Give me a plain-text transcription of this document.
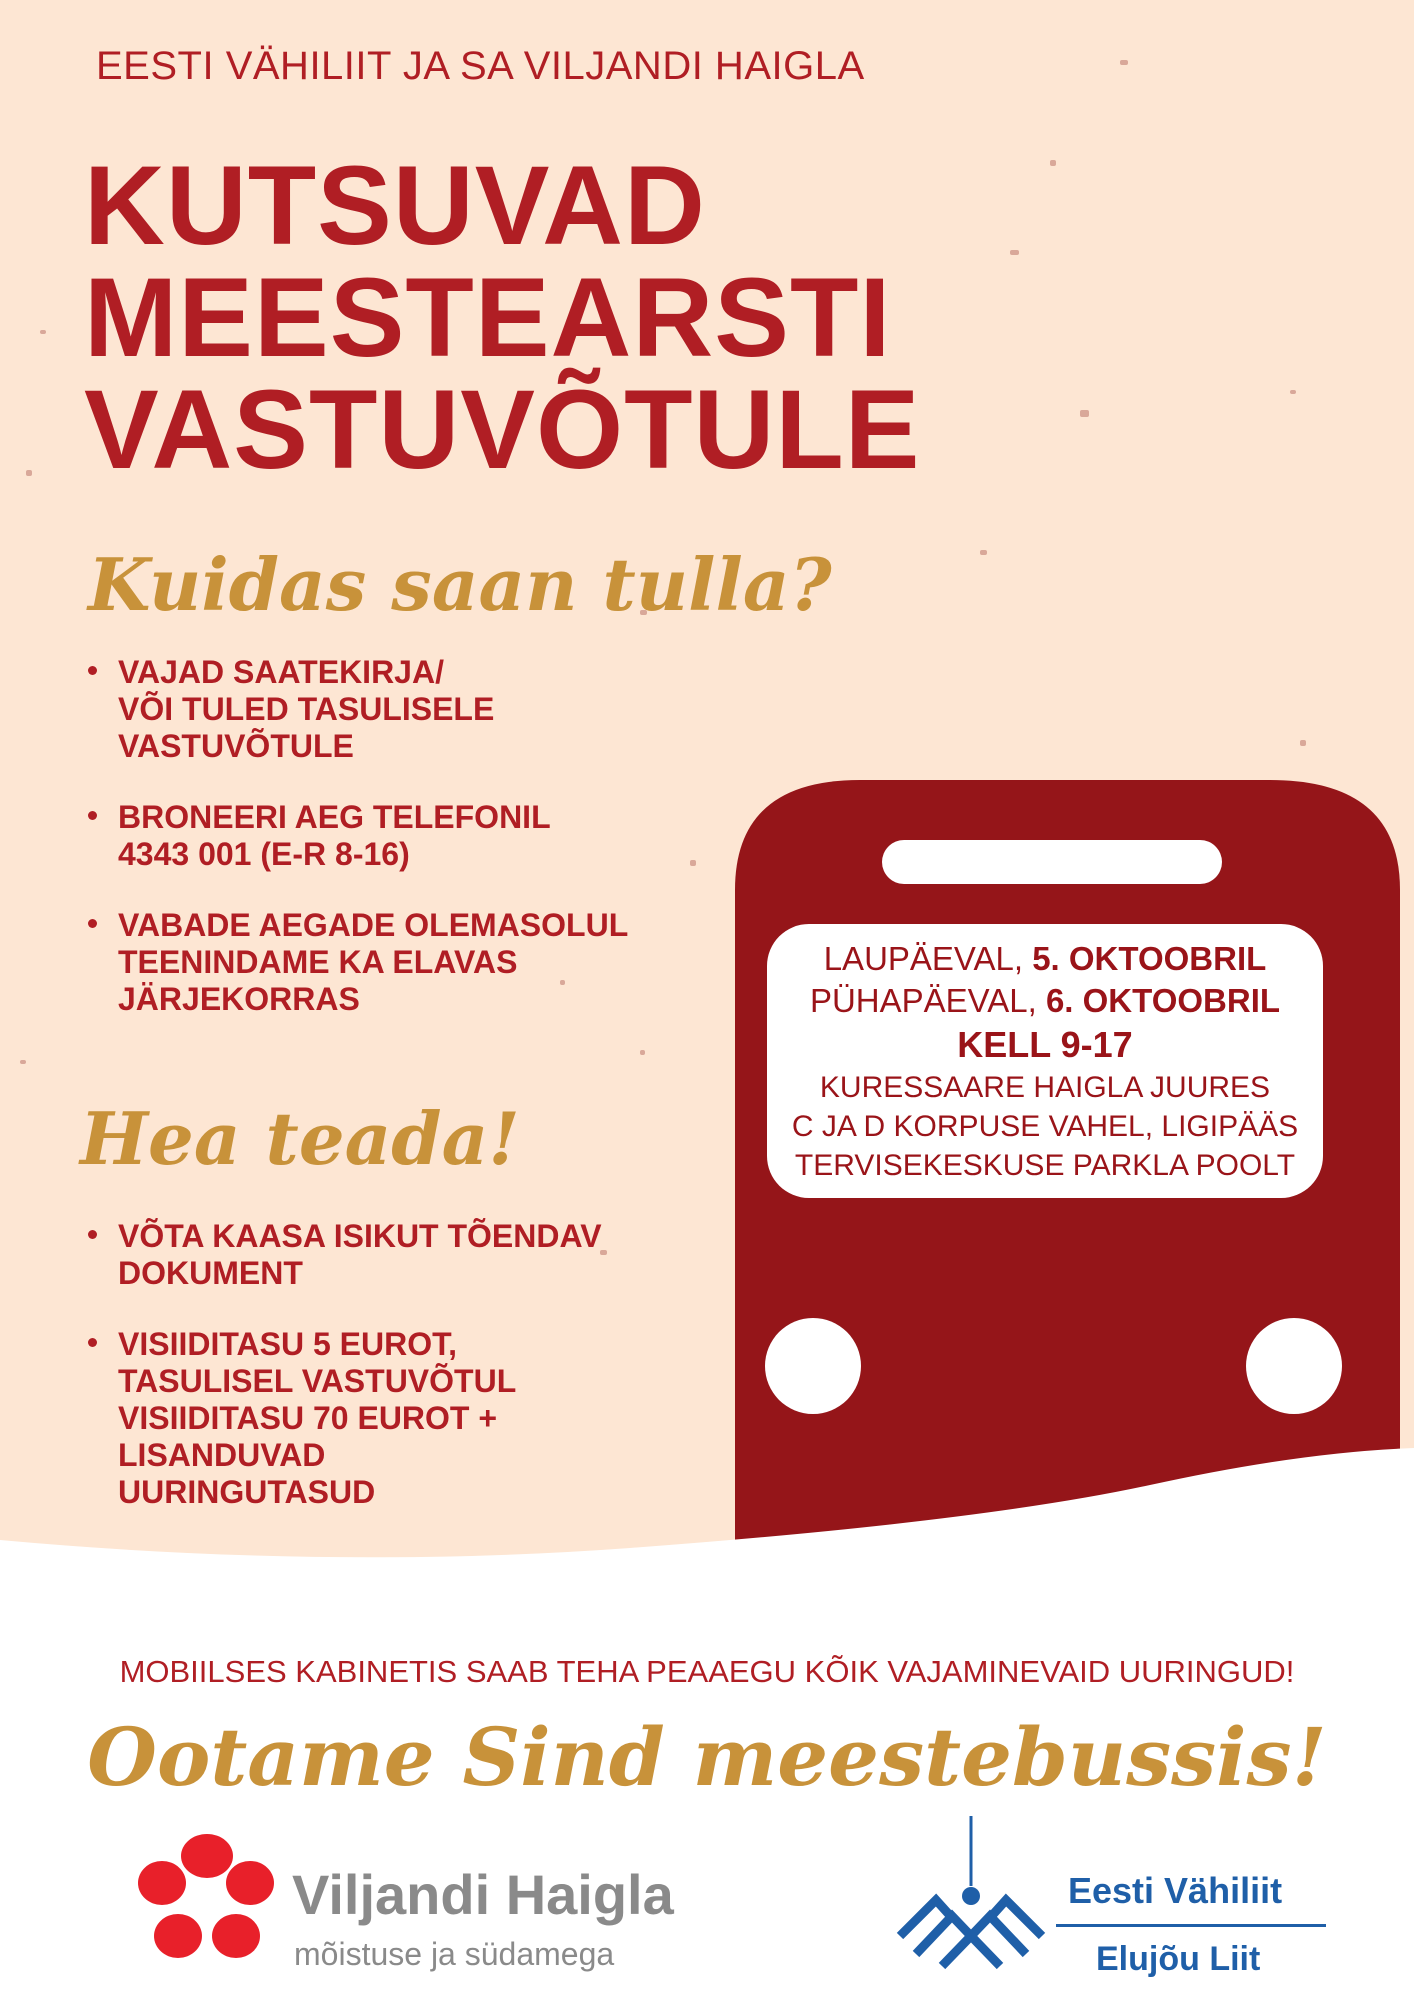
EESTI VÄHILIIT JA SA VILJANDI HAIGLA
KUTSUVAD
MEESTEARSTI
VASTUVÕTULE
Kuidas saan tulla?
VAJAD SAATEKIRJA/
VÕI TULED TASULISELE
VASTUVÕTULE
BRONEERI AEG TELEFONIL
4343 001 (E-R 8-16)
VABADE AEGADE OLEMASOLUL
TEENINDAME KA ELAVAS
JÄRJEKORRAS
Hea teada!
VÕTA KAASA ISIKUT TÕENDAV
DOKUMENT
VISIIDITASU 5 EUROT,
TASULISEL VASTUVÕTUL
VISIIDITASU 70 EUROT +
LISANDUVAD
UURINGUTASUD
LAUPÄEVAL, 5. OKTOOBRIL
PÜHAPÄEVAL, 6. OKTOOBRIL
KELL 9-17
KURESSAARE HAIGLA JUURES
C JA D KORPUSE VAHEL, LIGIPÄÄS
TERVISEKESKUSE PARKLA POOLT
MOBIILSES KABINETIS SAAB TEHA PEAAEGU KÕIK VAJAMINEVAID UURINGUD!
Ootame Sind meestebussis!
Viljandi Haigla
mõistuse ja südamega
Eesti Vähiliit
Elujõu Liit
